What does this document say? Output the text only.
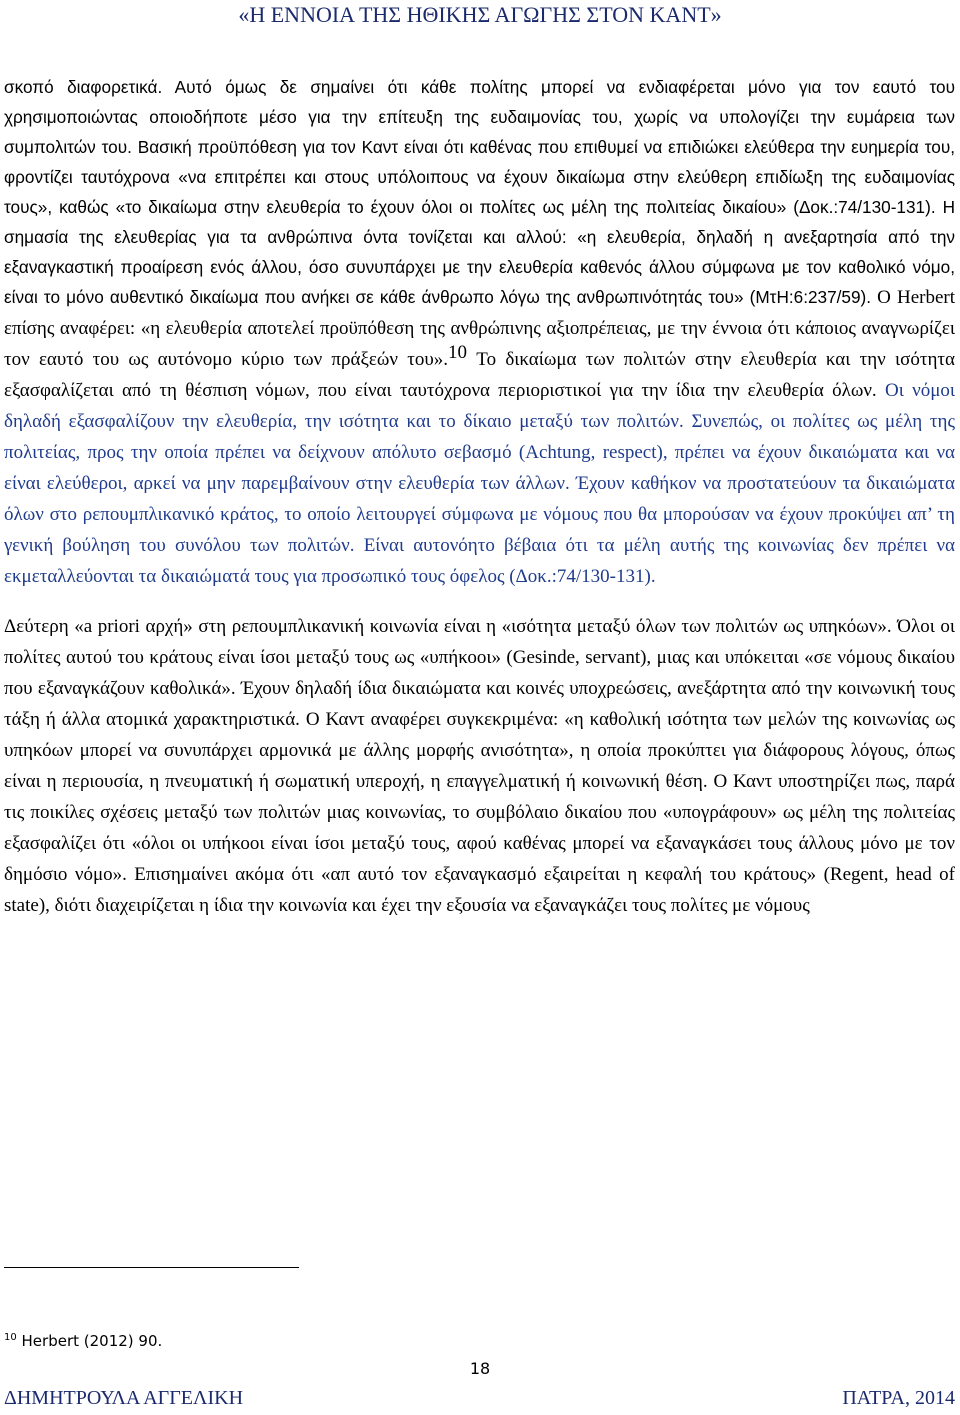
«Η ΕΝΝΟΙΑ ΤΗΣ ΗΘΙΚΗΣ ΑΓΩΓΗΣ ΣΤΟΝ ΚΑΝΤ»

σκοπό διαφορετικά. Αυτό όμως δε σημαίνει ότι κάθε πολίτης μπορεί να ενδιαφέρεται μόνο για τον εαυτό του χρησιμοποιώντας οποιοδήποτε μέσο για την επίτευξη της ευδαιμονίας του, χωρίς να υπολογίζει την ευμάρεια των συμπολιτών του. Βασική προϋπόθεση για τον Καντ είναι ότι καθένας που επιθυμεί να επιδιώκει ελεύθερα την ευημερία του, φροντίζει ταυτόχρονα «να επιτρέπει και στους υπόλοιπους να έχουν δικαίωμα στην ελεύθερη επιδίωξη της ευδαιμονίας τους», καθώς «το δικαίωμα στην ελευθερία το έχουν όλοι οι πολίτες ως μέλη της πολιτείας δικαίου» (Δοκ.:74/130-131). Η σημασία της ελευθερίας για τα ανθρώπινα όντα τονίζεται και αλλού: «η ελευθερία, δηλαδή η ανεξαρτησία από την εξαναγκαστική προαίρεση ενός άλλου, όσο συνυπάρχει με την ελευθερία καθενός άλλου σύμφωνα με τον καθολικό νόμο, είναι το μόνο αυθεντικό δικαίωμα που ανήκει σε κάθε άνθρωπο λόγω της ανθρωπινότητάς του» (ΜτΗ:6:237/59). Ο Herbert επίσης αναφέρει: «η ελευθερία αποτελεί προϋπόθεση της ανθρώπινης αξιοπρέπειας, με την έννοια ότι κάποιος αναγνωρίζει τον εαυτό του ως αυτόνομο κύριο των πράξεών του».$^{10}$ Το δικαίωμα των πολιτών στην ελευθερία και την ισότητα εξασφαλίζεται από τη θέσπιση νόμων, που είναι ταυτόχρονα περιοριστικοί για την ίδια την ελευθερία όλων. Οι νόμοι δηλαδή εξασφαλίζουν την ελευθερία, την ισότητα και το δίκαιο μεταξύ των πολιτών. Συνεπώς, οι πολίτες ως μέλη της πολιτείας, προς την οποία πρέπει να δείχνουν απόλυτο σεβασμό (Achtung, respect), πρέπει να έχουν δικαιώματα και να είναι ελεύθεροι, αρκεί να μην παρεμβαίνουν στην ελευθερία των άλλων. Έχουν καθήκον να προστατεύουν τα δικαιώματα όλων στο ρεπουμπλικανικό κράτος, το οποίο λειτουργεί σύμφωνα με νόμους που θα μπορούσαν να έχουν προκύψει απ’ τη γενική βούληση του συνόλου των πολιτών. Είναι αυτονόητο βέβαια ότι τα μέλη αυτής της κοινωνίας δεν πρέπει να εκμεταλλεύονται τα δικαιώματά τους για προσωπικό τους όφελος (Δοκ.:74/130-131).

Δεύτερη «a priori αρχή» στη ρεπουμπλικανική κοινωνία είναι η «ισότητα μεταξύ όλων των πολιτών ως υπηκόων». Όλοι οι πολίτες αυτού του κράτους είναι ίσοι μεταξύ τους ως «υπήκοοι» (Gesinde, servant), μιας και υπόκειται «σε νόμους δικαίου που εξαναγκάζουν καθολικά». Έχουν δηλαδή ίδια δικαιώματα και κοινές υποχρεώσεις, ανεξάρτητα από την κοινωνική τους τάξη ή άλλα ατομικά χαρακτηριστικά. Ο Καντ αναφέρει συγκεκριμένα: «η καθολική ισότητα των μελών της κοινωνίας ως υπηκόων μπορεί να συνυπάρχει αρμονικά με άλλης μορφής ανισότητα», η οποία προκύπτει για διάφορους λόγους, όπως είναι η περιουσία, η πνευματική ή σωματική υπεροχή, η επαγγελματική ή κοινωνική θέση. Ο Καντ υποστηρίζει πως, παρά τις ποικίλες σχέσεις μεταξύ των πολιτών μιας κοινωνίας, το συμβόλαιο δικαίου που «υπογράφουν» ως μέλη της πολιτείας εξασφαλίζει ότι «όλοι οι υπήκοοι είναι ίσοι μεταξύ τους, αφού καθένας μπορεί να εξαναγκάσει τους άλλους μόνο με τον δημόσιο νόμο». Επισημαίνει ακόμα ότι «απ αυτό τον εξαναγκασμό εξαιρείται η κεφαλή του κράτους» (Regent, head of state), διότι διαχειρίζεται η ίδια την κοινωνία και έχει την εξουσία να εξαναγκάζει τους πολίτες με νόμους

$^{10}$ Herbert (2012) 90.
18
ΔΗΜΗΤΡΟΥΛΑ ΑΓΓΕΛΙΚΗ	ΠΑΤΡΑ, 2014
